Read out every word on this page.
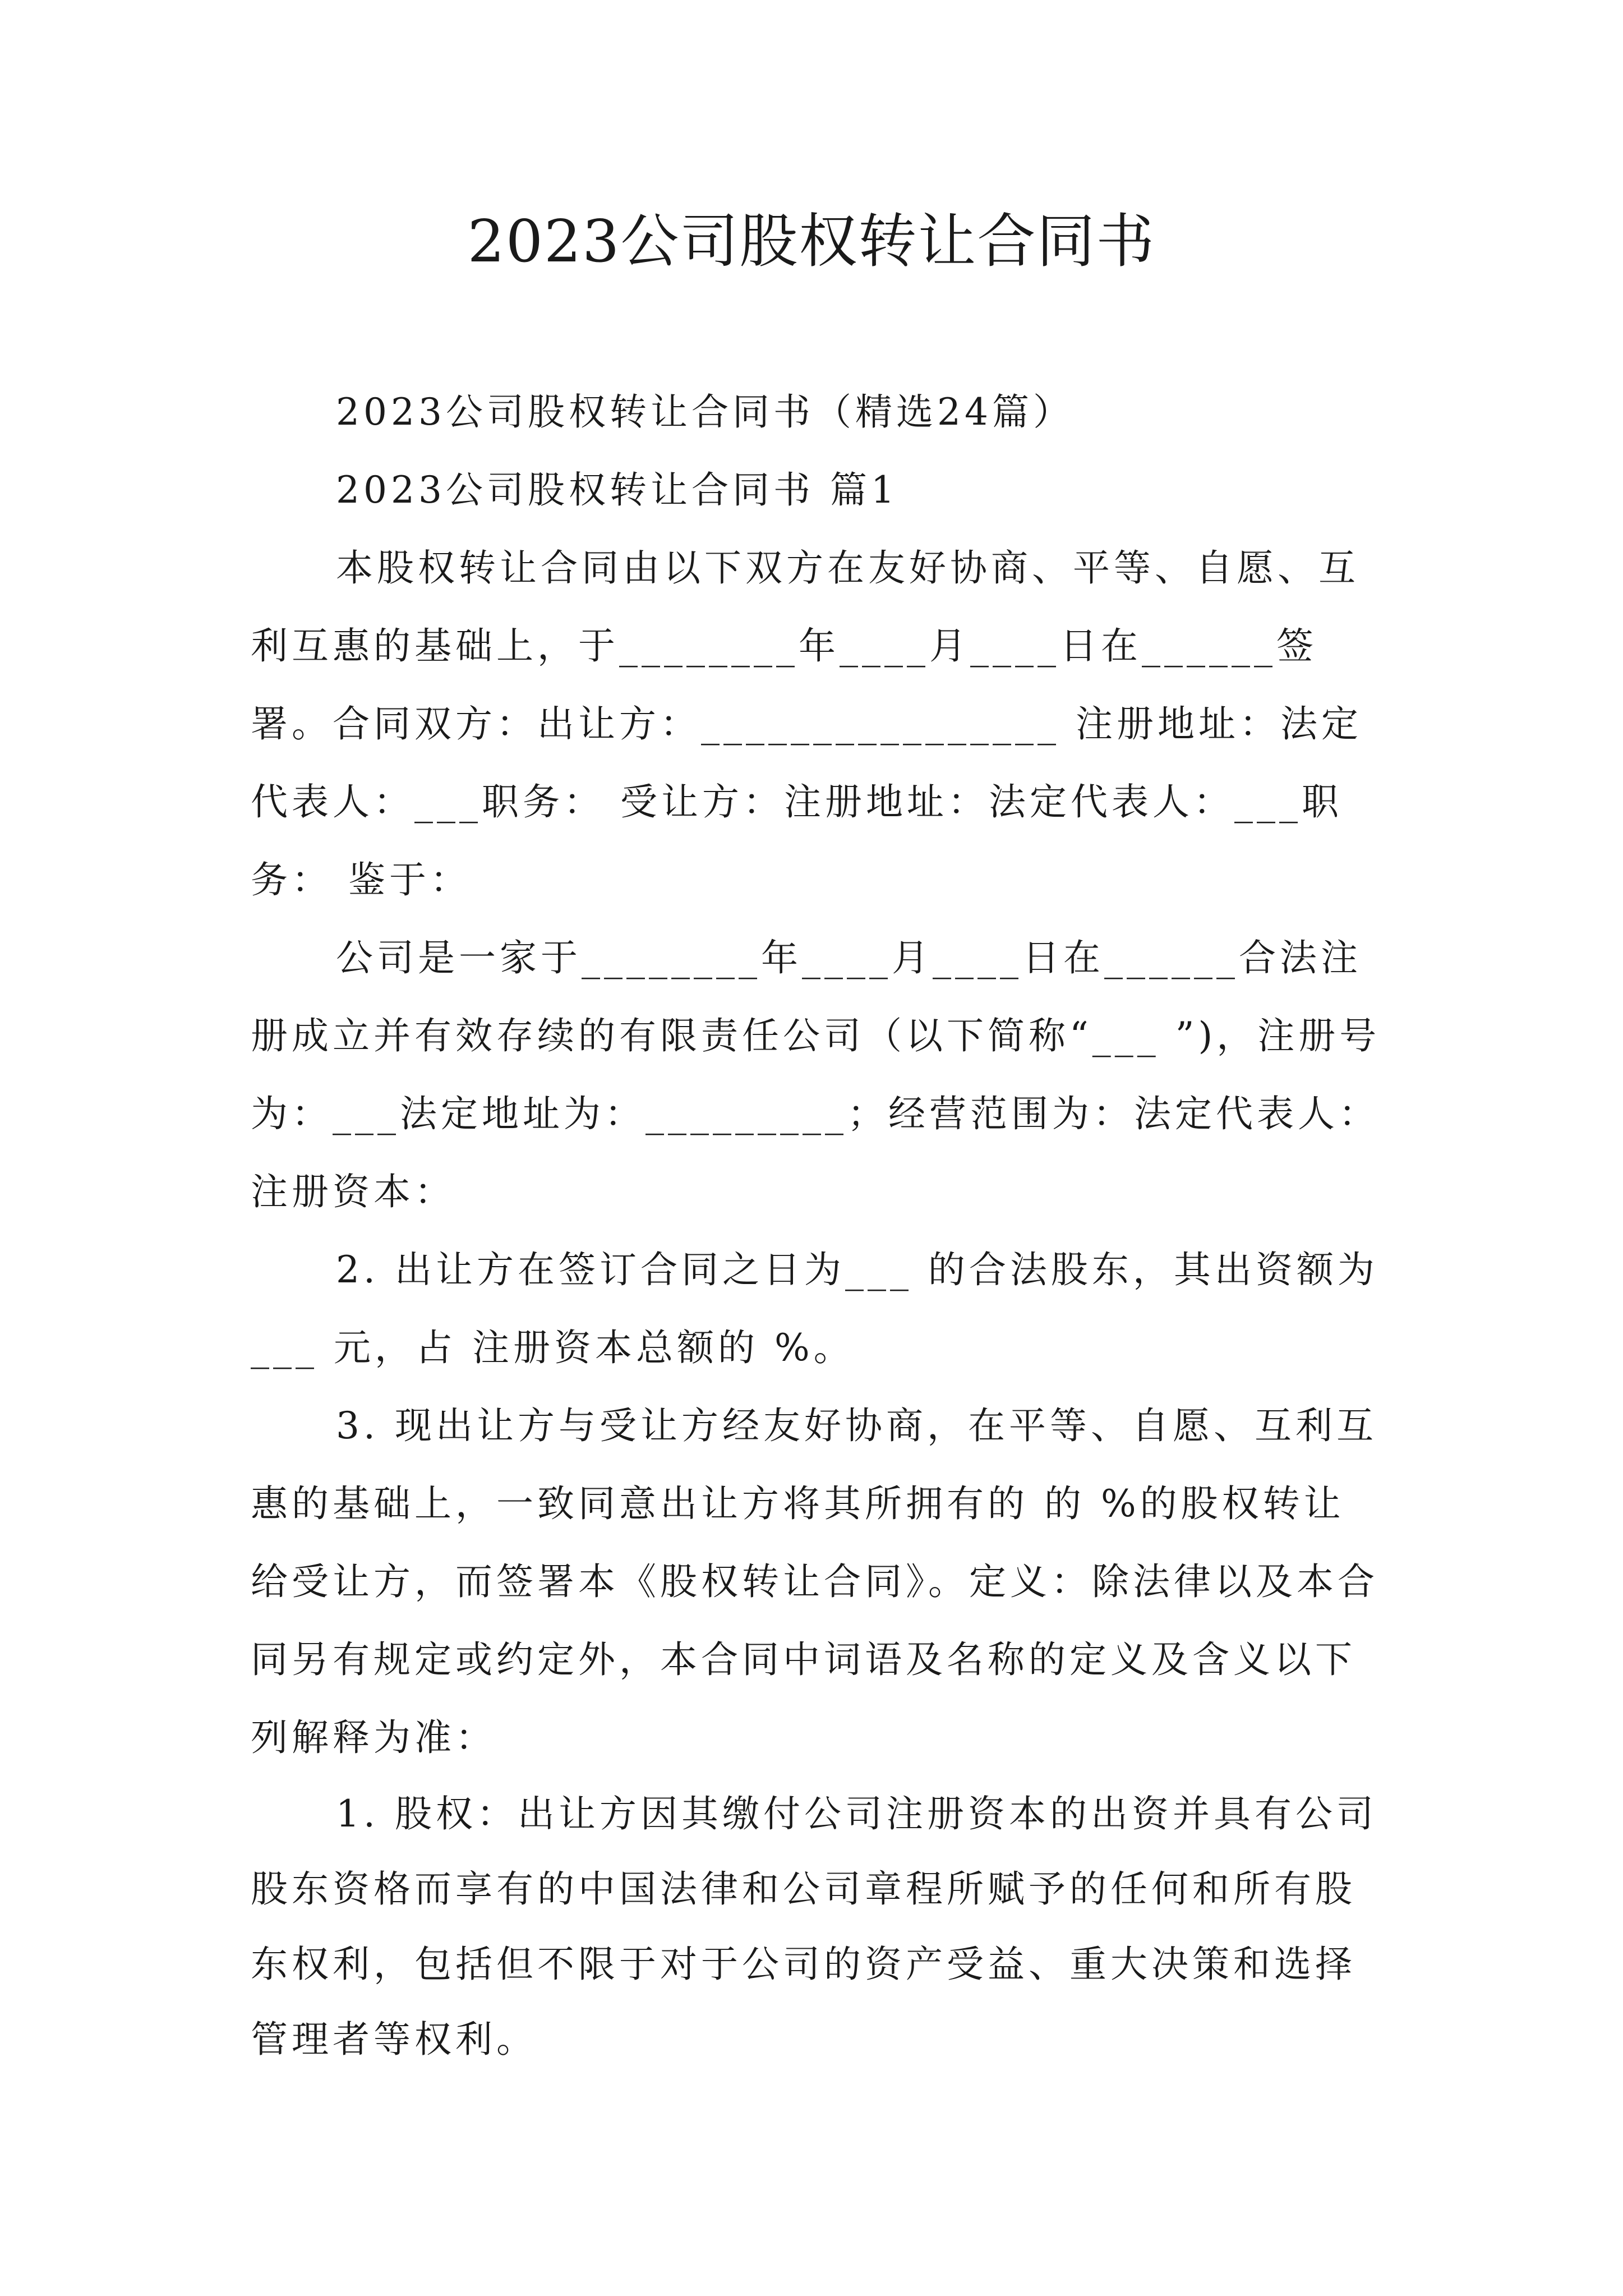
2023公司股权转让合同书

2023公司股权转让合同书（精选24篇）

2023公司股权转让合同书 篇1

本股权转让合同由以下双方在友好协商、平等、自愿、互利互惠的基础上，于________年____月____日在______签署。合同双方：出让方：________________ 注册地址：法定代表人：___职务： 受让方：注册地址：法定代表人：___职务： 鉴于：

公司是一家于________年____月____日在______合法注册成立并有效存续的有限责任公司（以下简称“___ ”)，注册号为：___法定地址为：_________；经营范围为：法定代表人：注册资本：

2. 出让方在签订合同之日为___ 的合法股东，其出资额为___ 元，占 注册资本总额的 %。

3. 现出让方与受让方经友好协商，在平等、自愿、互利互惠的基础上，一致同意出让方将其所拥有的 的 %的股权转让给受让方，而签署本《股权转让合同》。定义：除法律以及本合同另有规定或约定外，本合同中词语及名称的定义及含义以下列解释为准：

1. 股权：出让方因其缴付公司注册资本的出资并具有公司股东资格而享有的中国法律和公司章程所赋予的任何和所有股东权利，包括但不限于对于公司的资产受益、重大决策和选择管理者等权利。
